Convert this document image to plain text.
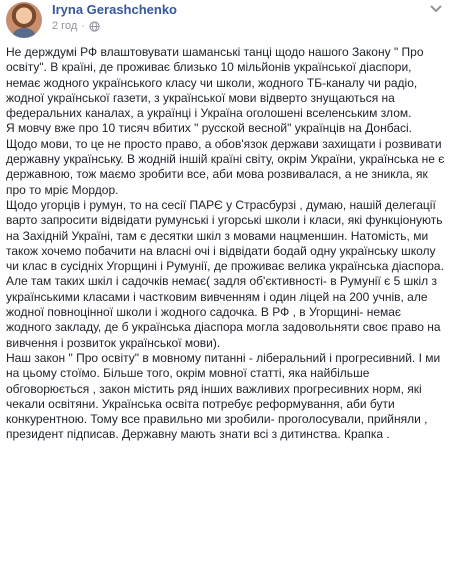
Iryna Gerashchenko
2 год ·

Не держдумі РФ влаштовувати шаманські танці щодо нашого Закону " Про освіту". В країні, де проживає близько 10 мільйонів української діаспори, немає жодного українського класу чи школи, жодного ТБ-каналу чи радіо, жодної української газети, з української мови відверто знущаються на федеральних каналах, а українці і Україна оголошені вселенським злом.

Я мовчу вже про 10 тисяч вбитих " русской весной" українців на Донбасі.

Щодо мови, то це не просто право, а обов'язок держави захищати і розвивати державну українську. В жодній іншій країні світу, окрім України, українська не є державною, тож маємо зробити все, аби мова розвивалася, а не зникла, як про то мріє Мордор.

Щодо угорців і румун, то на сесії ПАРЄ у Страсбурзі , думаю, нашій делегації варто запросити відвідати румунські і угорські школи і класи, які функціонують на Західній Україні, там є десятки шкіл з мовами нацменшин. Натомість, ми також хочемо побачити на власні очі і відвідати бодай одну українську школу чи клас в сусідніх Угорщині і Румунії, де проживає велика українська діаспора. Але там таких шкіл і садочків немає( задля об'єктивності- в Румунії є 5 шкіл з українськими класами і частковим вивченням і один ліцей на 200 учнів, але жодної повноцінної школи і жодного садочка. В РФ , в Угорщині- немає жодного закладу, де б українська діаспора могла задовольняти своє право на вивчення і розвиток української мови).

Наш закон " Про освіту" в мовному питанні - ліберальний і прогресивний. І ми на цьому стоїмо. Більше того, окрім мовної статті, яка найбільше обговорюється , закон містить ряд інших важливих прогресивних норм, які чекали освітяни. Українська освіта потребує реформування, аби бути конкурентною. Тому все правильно ми зробили- проголосували, прийняли , президент підписав. Державну мають знати всі з дитинства. Крапка .
